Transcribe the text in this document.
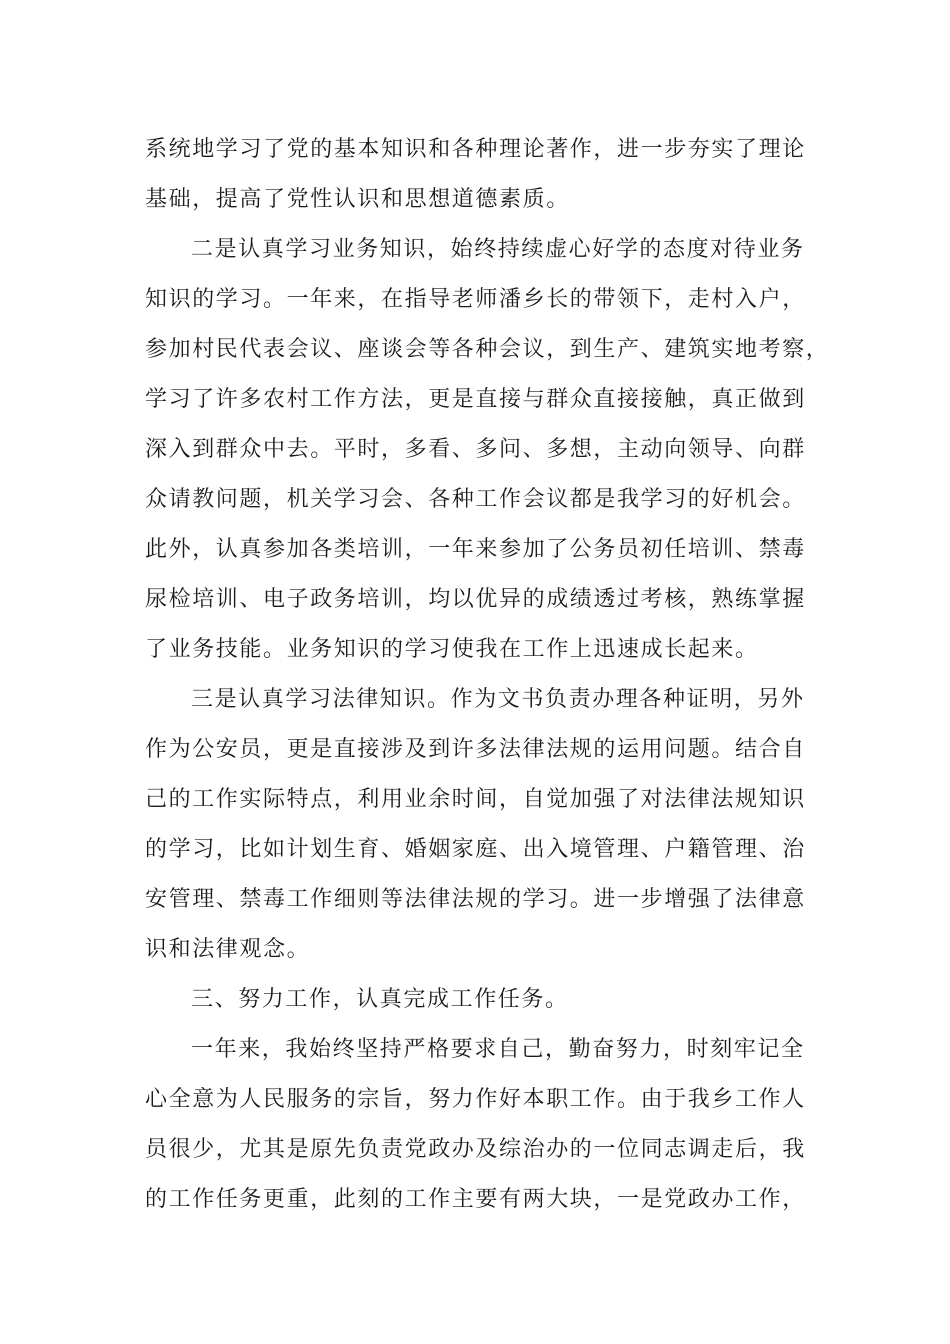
系统地学习了党的基本知识和各种理论著作，进一步夯实了理论
基础，提高了党性认识和思想道德素质。
二是认真学习业务知识，始终持续虚心好学的态度对待业务
知识的学习。一年来，在指导老师潘乡长的带领下，走村入户，
参加村民代表会议、座谈会等各种会议，到生产、建筑实地考察，
学习了许多农村工作方法，更是直接与群众直接接触，真正做到
深入到群众中去。平时，多看、多问、多想，主动向领导、向群
众请教问题，机关学习会、各种工作会议都是我学习的好机会。
此外，认真参加各类培训，一年来参加了公务员初任培训、禁毒
尿检培训、电子政务培训，均以优异的成绩透过考核，熟练掌握
了业务技能。业务知识的学习使我在工作上迅速成长起来。
三是认真学习法律知识。作为文书负责办理各种证明，另外
作为公安员，更是直接涉及到许多法律法规的运用问题。结合自
己的工作实际特点，利用业余时间，自觉加强了对法律法规知识
的学习，比如计划生育、婚姻家庭、出入境管理、户籍管理、治
安管理、禁毒工作细则等法律法规的学习。进一步增强了法律意
识和法律观念。
三、努力工作，认真完成工作任务。
一年来，我始终坚持严格要求自己，勤奋努力，时刻牢记全
心全意为人民服务的宗旨，努力作好本职工作。由于我乡工作人
员很少，尤其是原先负责党政办及综治办的一位同志调走后，我
的工作任务更重，此刻的工作主要有两大块，一是党政办工作，
